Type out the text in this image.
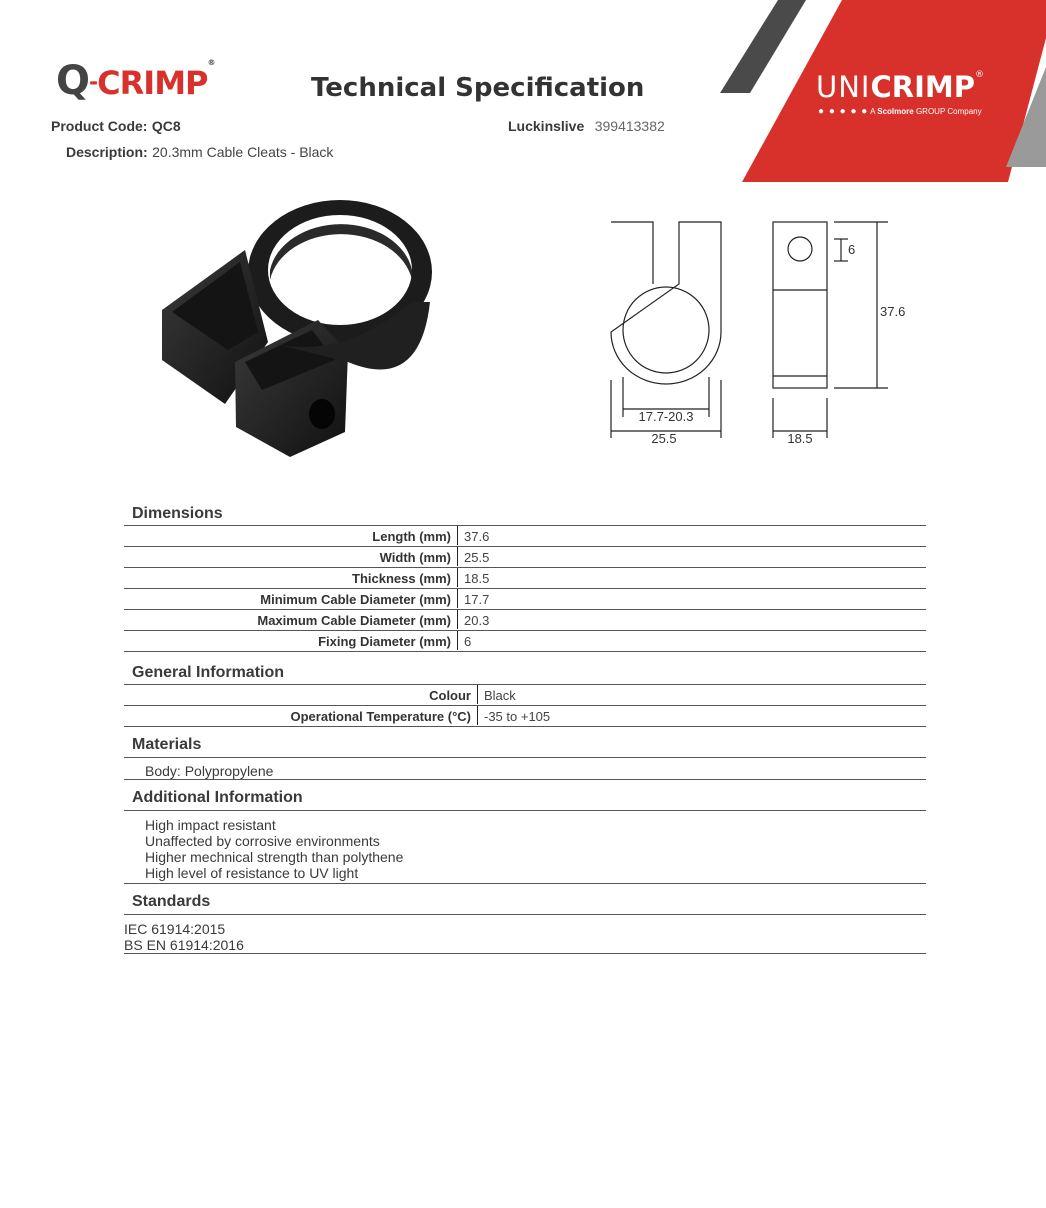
UNICRIMP®
● ● ● ● ● A Scolmore GROUP Company
Q-CRIMP®
Technical Specification
Product Code: QC8
Description: 20.3mm Cable Cleats - Black
Luckinslive 399413382
17.7-20.3
25.5
6
37.6
18.5
Dimensions
Length (mm) 37.6
Width (mm) 25.5
Thickness (mm) 18.5
Minimum Cable Diameter (mm) 17.7
Maximum Cable Diameter (mm) 20.3
Fixing Diameter (mm) 6
General Information
Colour Black
Operational Temperature (°C) -35 to +105
Materials
Body: Polypropylene
Additional Information
High impact resistant
Unaffected by corrosive environments
Higher mechnical strength than polythene
High level of resistance to UV light
Standards
IEC 61914:2015
BS EN 61914:2016
